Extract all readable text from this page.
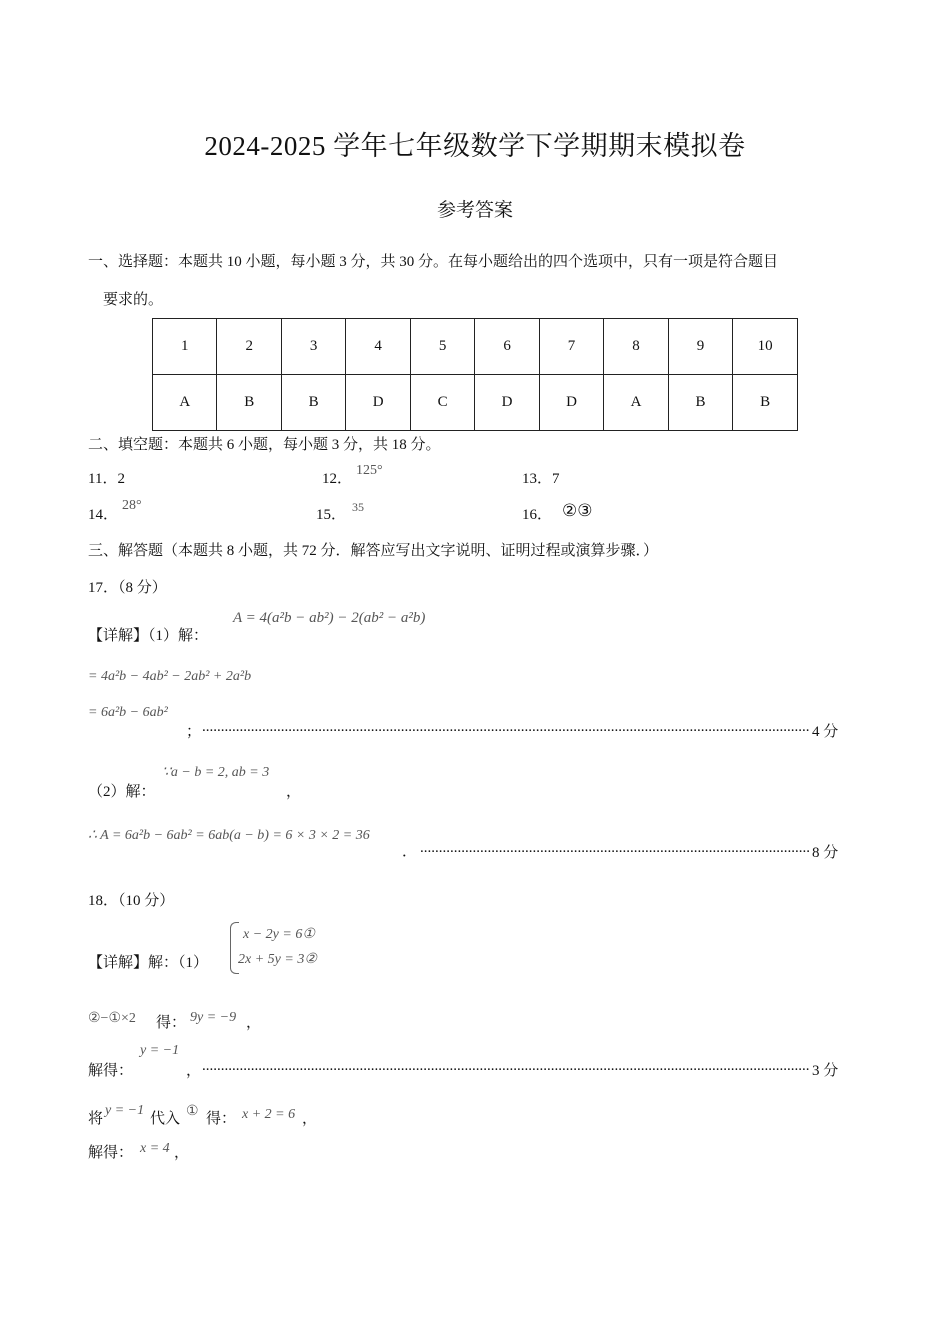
2024-2025 学年七年级数学下学期期末模拟卷
参考答案
一、选择题：本题共 10 小题，每小题 3 分，共 30 分。在每小题给出的四个选项中，只有一项是符合题目
要求的。
1	2	3	4	5	6	7	8	9	10
A	B	B	D	C	D	D	A	B	B
二、填空题：本题共 6 小题，每小题 3 分，共 18 分。
11．2	12．
125°
13．7
14．
28°
15． 35	16． ②③
三、解答题（本题共 8 小题，共 72 分．解答应写出文字说明、证明过程或演算步骤．）
17．（8 分）
【详解】（1）解：
A = 4(a²b − ab²) − 2(ab² − a²b)
= 4a²b − 4ab² − 2ab² + 2a²b
= 6a²b − 6ab²
； .....	4 分
∵a − b = 2, ab = 3
（2）解：	，
∴ A = 6a²b − 6ab² = 6ab(a − b) = 6 × 3 × 2 = 36
． .....	8 分
18．（10 分）
【详解】解：（1）
x − 2y = 6①
2x + 5y = 3②
②−①×2 得： 9y = −9 ，
y = −1
解得：	， .....	3 分
将
y = −1
代入 ① 得： x + 2 = 6 ，
解得： x = 4 ，
